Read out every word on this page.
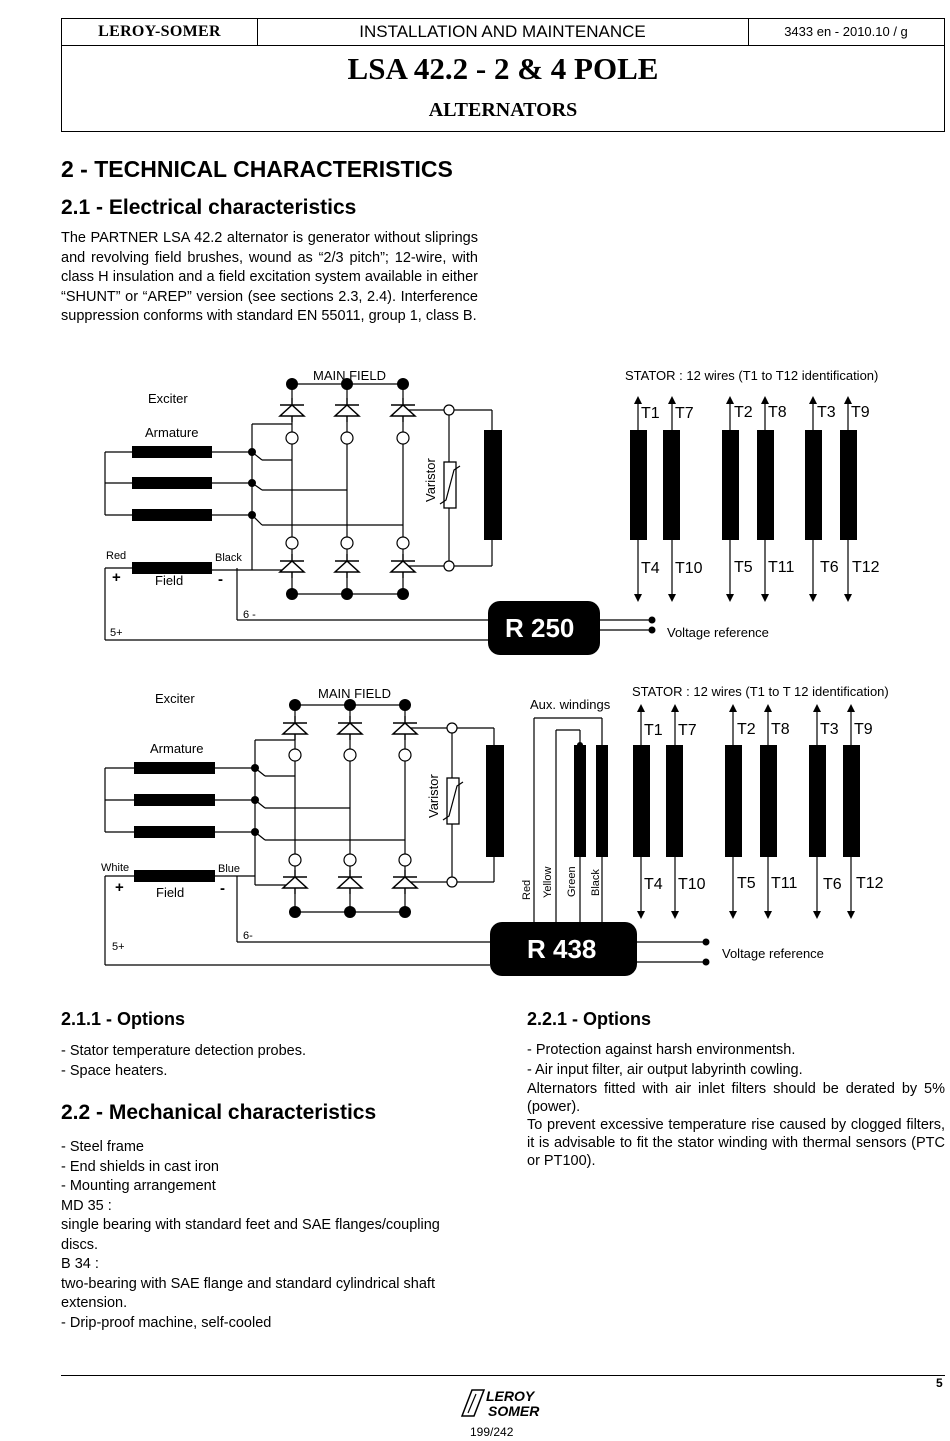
LEROY-SOMER	INSTALLATION AND MAINTENANCE	3433 en - 2010.10 / g
LSA 42.2 - 2 & 4 POLE
ALTERNATORS
2 - TECHNICAL CHARACTERISTICS
2.1 - Electrical characteristics
The PARTNER LSA 42.2 alternator is generator without sliprings and revolving field brushes, wound as “2/3 pitch”; 12-wire, with class H insulation and a field excitation system available in either “SHUNT” or “AREP” version (see sections 2.3, 2.4). Interference suppression conforms with standard EN 55011, group 1, class B.
MAIN FIELD
Exciter
Armature
Varistor
STATOR : 12 wires (T1 to T12 identification)
T1 T7	T2 T8 T3 T9
T4 T10 T5 T11 T6 T12
Red	Black
+	-
Field
6 -
5+	R 250	Voltage reference
MAIN FIELD
Exciter
Armature
Varistor
Aux. windings
STATOR : 12 wires (T1 to T 12 identification)
T1 T7	T2 T8 T3 T9
T4 T10 T5 T11 T6 T12
White	Blue
+	-
Field
6-
5+
Red Yellow Green Black
R 438	Voltage reference
2.1.1 - Options
- Stator temperature detection probes.
- Space heaters.
2.2 - Mechanical characteristics
- Steel frame
- End shields in cast iron
- Mounting arrangement
MD 35 :
single bearing with standard feet and SAE flanges/coupling
discs.
B 34 :
two-bearing with SAE flange and standard cylindrical shaft
extension.
- Drip-proof machine, self-cooled
2.2.1 - Options
- Protection against harsh environmentsh.
- Air input filter, air output labyrinth cowling.
Alternators fitted with air inlet filters should be derated by 5% (power).
To prevent excessive temperature rise caused by clogged filters, it is advisable to fit the stator winding with thermal sensors (PTC or PT100).
LEROY
SOMER
5
199/242
